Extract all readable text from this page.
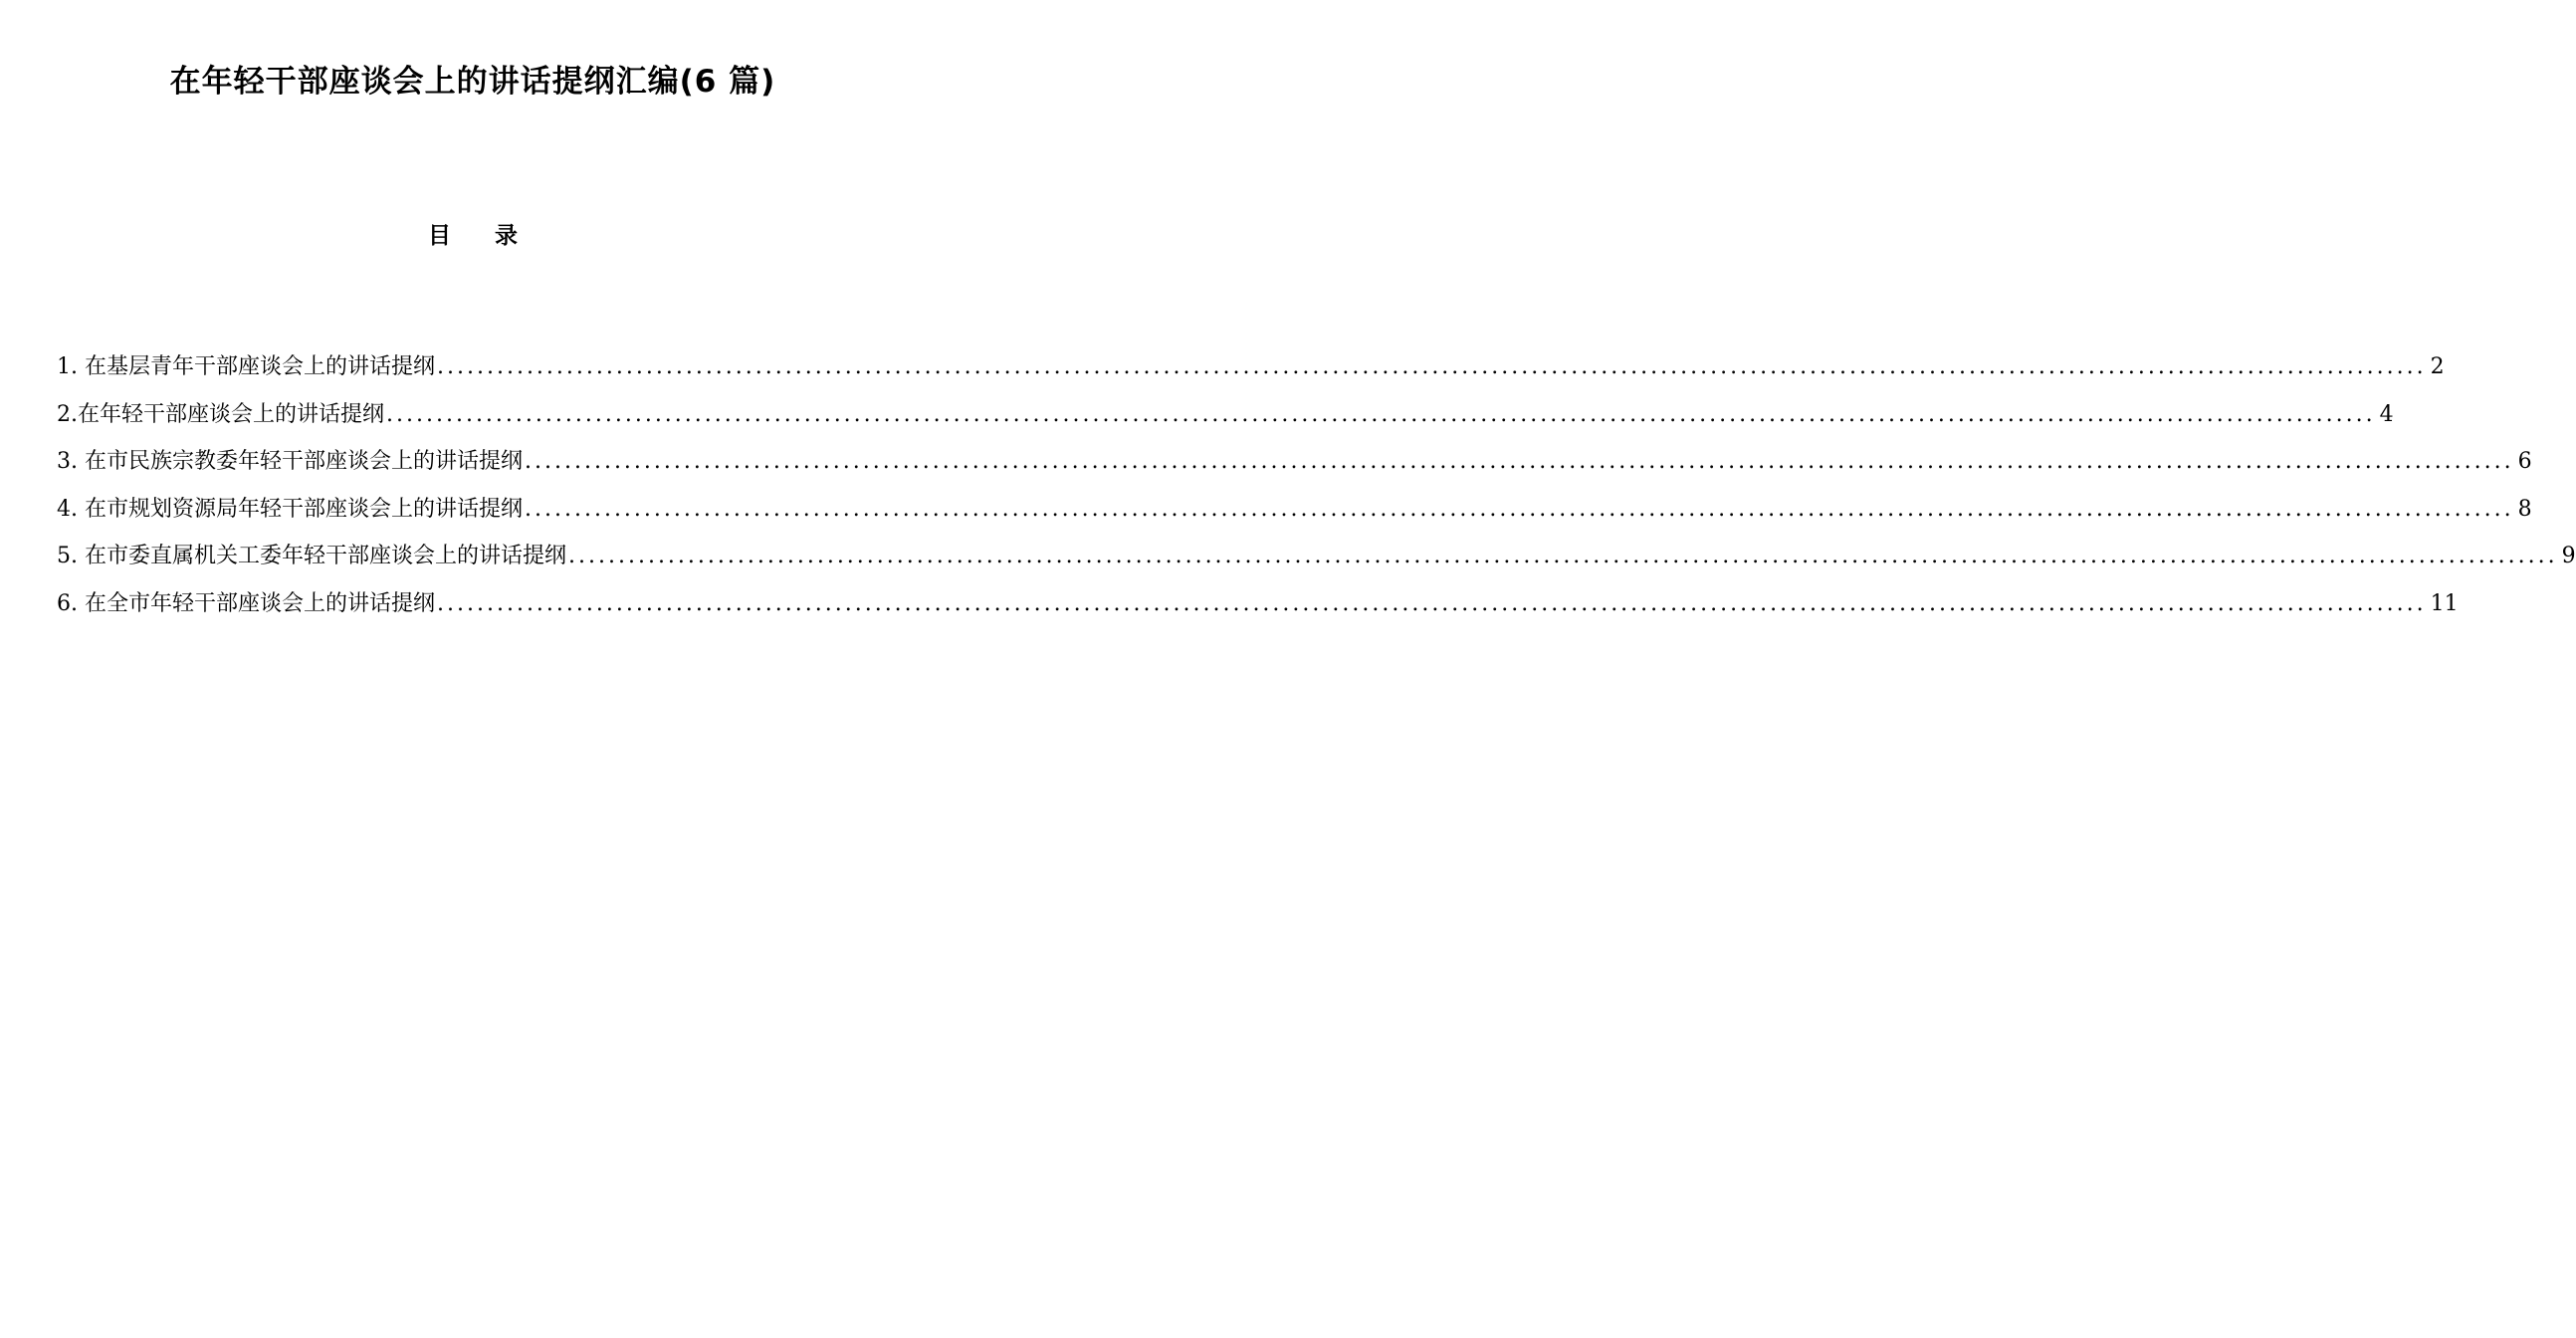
在年轻干部座谈会上的讲话提纲汇编(6 篇)
目 录
1. 在基层青年干部座谈会上的讲话提纲 ........................................................................................................................................................................................................ 2
2.在年轻干部座谈会上的讲话提纲 ........................................................................................................................................................................................................ 4
3. 在市民族宗教委年轻干部座谈会上的讲话提纲 ........................................................................................................................................................................................................ 6
4. 在市规划资源局年轻干部座谈会上的讲话提纲 ........................................................................................................................................................................................................ 8
5. 在市委直属机关工委年轻干部座谈会上的讲话提纲 ........................................................................................................................................................................................................ 9
6. 在全市年轻干部座谈会上的讲话提纲 ........................................................................................................................................................................................................ 11
